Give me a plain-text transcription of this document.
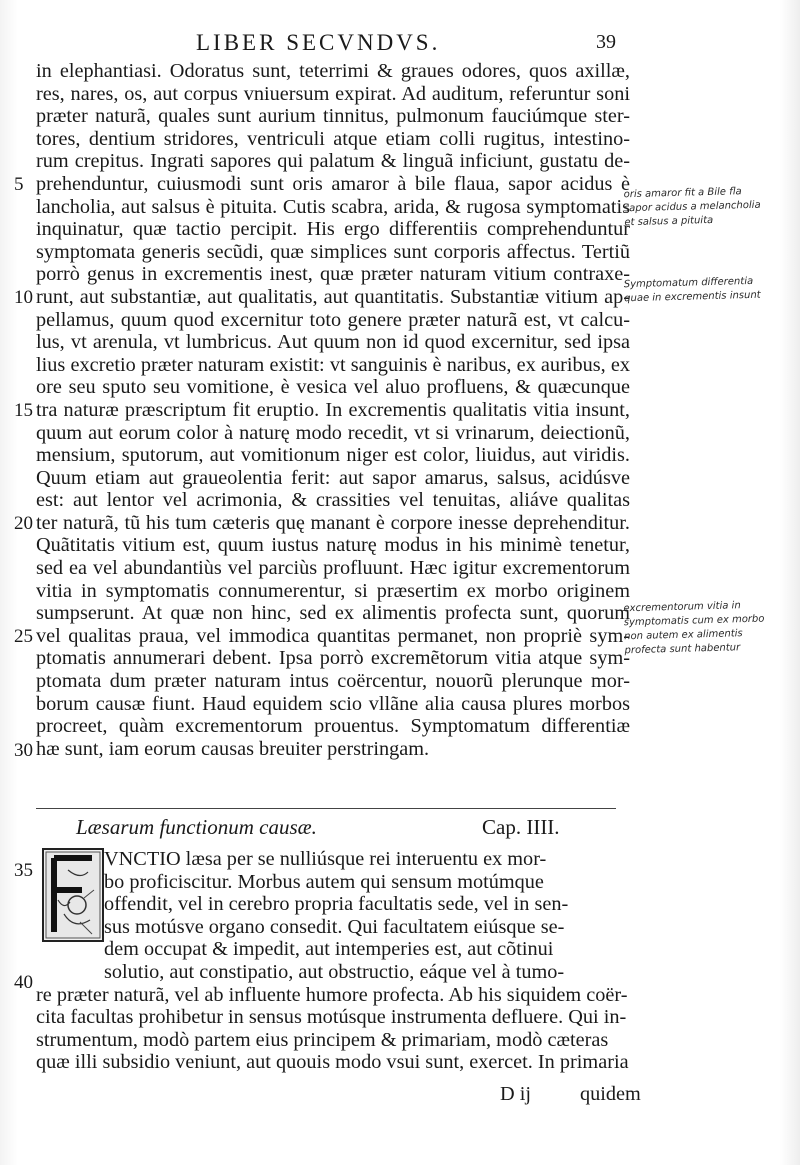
LIBER SECVNDVS.	39
in elephantiasi. Odoratus sunt, teterrimi & graues odores, quos axillæ,
res, nares, os, aut corpus vniuersum expirat. Ad auditum, referuntur soni
præter naturã, quales sunt aurium tinnitus, pulmonum fauciúmque ster-
tores, dentium stridores, ventriculi atque etiam colli rugitus, intestino-
rum crepitus. Ingrati sapores qui palatum & linguã inficiunt, gustatu de-
prehenduntur, cuiusmodi sunt oris amaror à bile flaua, sapor acidus è
lancholia, aut salsus è pituita. Cutis scabra, arida, & rugosa symptomatis
inquinatur, quæ tactio percipit. His ergo differentiis comprehenduntur
symptomata generis secũdi, quæ simplices sunt corporis affectus. Tertiũ
porrò genus in excrementis inest, quæ præter naturam vitium contraxe-
runt, aut substantiæ, aut qualitatis, aut quantitatis. Substantiæ vitium ap-
pellamus, quum quod excernitur toto genere præter naturã est, vt calcu-
lus, vt arenula, vt lumbricus. Aut quum non id quod excernitur, sed ipsa
lius excretio præter naturam existit: vt sanguinis è naribus, ex auribus, ex
ore seu sputo seu vomitione, è vesica vel aluo profluens, & quæcunque
tra naturæ præscriptum fit eruptio. In excrementis qualitatis vitia insunt,
quum aut eorum color à naturę modo recedit, vt si vrinarum, deiectionũ,
mensium, sputorum, aut vomitionum niger est color, liuidus, aut viridis.
Quum etiam aut graueolentia ferit: aut sapor amarus, salsus, acidúsve
est: aut lentor vel acrimonia, & crassities vel tenuitas, aliáve qualitas
ter naturã, tũ his tum cæteris quę manant è corpore inesse deprehenditur.
Quãtitatis vitium est, quum iustus naturę modus in his minimè tenetur,
sed ea vel abundantiùs vel parciùs profluunt. Hæc igitur excrementorum
vitia in symptomatis connumerentur, si præsertim ex morbo originem
sumpserunt. At quæ non hinc, sed ex alimentis profecta sunt, quorum
vel qualitas praua, vel immodica quantitas permanet, non propriè sym-
ptomatis annumerari debent. Ipsa porrò excremẽtorum vitia atque sym-
ptomata dum præter naturam intus coërcentur, nouorũ plerunque mor-
borum causæ fiunt. Haud equidem scio vllãne alia causa plures morbos
procreet, quàm excrementorum prouentus. Symptomatum differentiæ
hæ sunt, iam eorum causas breuiter perstringam.
5
10
15
20
25
30
35
40
Læsarum functionum causæ.	Cap. IIII.
VNCTIO læsa per se nulliúsque rei interuentu ex mor-
bo proficiscitur. Morbus autem qui sensum motúmque
offendit, vel in cerebro propria facultatis sede, vel in sen-
sus motúsve organo consedit. Qui facultatem eiúsque se-
dem occupat & impedit, aut intemperies est, aut cõtinui
solutio, aut constipatio, aut obstructio, eáque vel à tumo-
re præter naturã, vel ab influente humore profecta. Ab his siquidem coër-
cita facultas prohibetur in sensus motúsque instrumenta defluere. Qui in-
strumentum, modò partem eius principem & primariam, modò cæteras
quæ illi subsidio veniunt, aut quouis modo vsui sunt, exercet. In primaria
oris amaror fit a Bile fla
sapor acidus a melancholia
et salsus a pituita
Symptomatum differentia
quae in excrementis insunt
excrementorum vitia in
symptomatis cum ex morbo
non autem ex alimentis
profecta sunt habentur
D ij quidem
